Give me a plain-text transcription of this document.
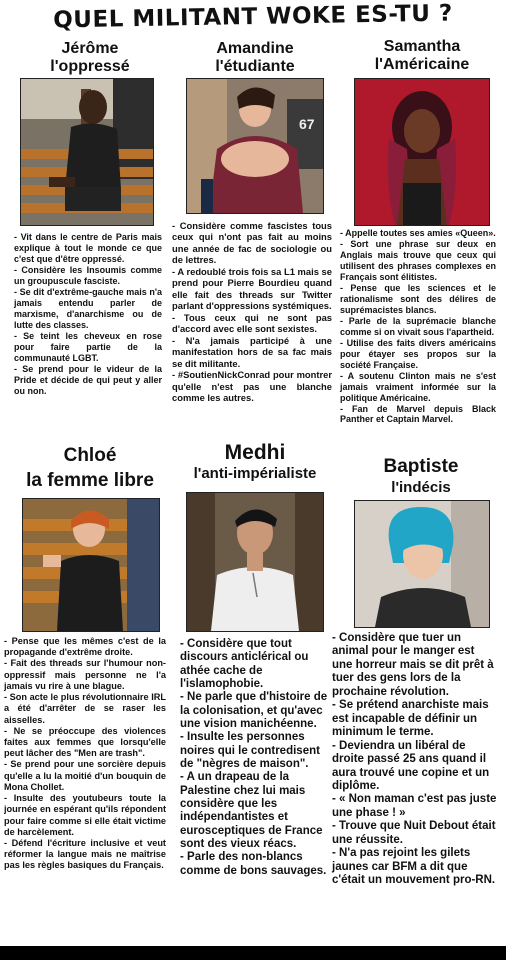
QUEL MILITANT WOKE ES-TU ?
Jérôme
l'oppressé
- Vit dans le centre de Paris mais explique à tout le monde ce que c'est que d'être oppressé.
- Considère les Insoumis comme un groupuscule fasciste.
- Se dit d'extrême-gauche mais n'a jamais entendu parler de marxisme, d'anarchisme ou de lutte des classes.
- Se teint les cheveux en rose pour faire partie de la communauté LGBT.
- Se prend pour le videur de la Pride et décide de qui peut y aller ou non.
Amandine
l'étudiante
67
- Considère comme fascistes tous ceux qui n'ont pas fait au moins une année de fac de sociologie ou de lettres.
- A redoublé trois fois sa L1 mais se prend pour Pierre Bourdieu quand elle fait des threads sur Twitter parlant d'oppressions systémiques.
- Tous ceux qui ne sont pas d'accord avec elle sont sexistes.
- N'a jamais participé à une manifestation hors de sa fac mais se dit militante.
- #SoutienNickConrad pour montrer qu'elle n'est pas une blanche comme les autres.
Samantha
l'Américaine
- Appelle toutes ses amies «Queen».
- Sort une phrase sur deux en Anglais mais trouve que ceux qui utilisent des phrases complexes en Français sont élitistes.
- Pense que les sciences et le rationalisme sont des délires de suprémacistes blancs.
- Parle de la suprémacie blanche comme si on vivait sous l'apartheid.
- Utilise des faits divers américains pour étayer ses propos sur la société Française.
- A soutenu Clinton mais ne s'est jamais vraiment informée sur la politique Américaine.
- Fan de Marvel depuis Black Panther et Captain Marvel.
Chloé
la femme libre
- Pense que les mêmes c'est de la propagande d'extrême droite.
- Fait des threads sur l'humour non-oppressif mais personne ne l'a jamais vu rire à une blague.
- Son acte le plus révolutionnaire IRL a été d'arrêter de se raser les aisselles.
- Ne se préoccupe des violences faites aux femmes que lorsqu'elle peut lâcher des "Men are trash".
- Se prend pour une sorcière depuis qu'elle a lu la moitié d'un bouquin de Mona Chollet.
- Insulte des youtubeurs toute la journée en espérant qu'ils répondent pour faire comme si elle était victime de harcèlement.
- Défend l'écriture inclusive et veut réformer la langue mais ne maîtrise pas les règles basiques du Français.
Medhi
l'anti-impérialiste
- Considère que tout discours anticlérical ou athée cache de l'islamophobie.
- Ne parle que d'histoire de la colonisation, et qu'avec une vision manichéenne.
- Insulte les personnes noires qui le contredisent de "nègres de maison".
- A un drapeau de la Palestine chez lui mais considère que les indépendantistes et eurosceptiques de France sont des vieux réacs.
- Parle des non-blancs comme de bons sauvages.
Baptiste
l'indécis
- Considère que tuer un animal pour le manger est une horreur mais se dit prêt à tuer des gens lors de la prochaine révolution.
- Se prétend anarchiste mais est incapable de définir un minimum le terme.
- Deviendra un libéral de droite passé 25 ans quand il aura trouvé une copine et un diplôme.
- « Non maman c'est pas juste une phase ! »
- Trouve que Nuit Debout était une réussite.
- N'a pas rejoint les gilets jaunes car BFM a dit que c'était un mouvement pro-RN.
